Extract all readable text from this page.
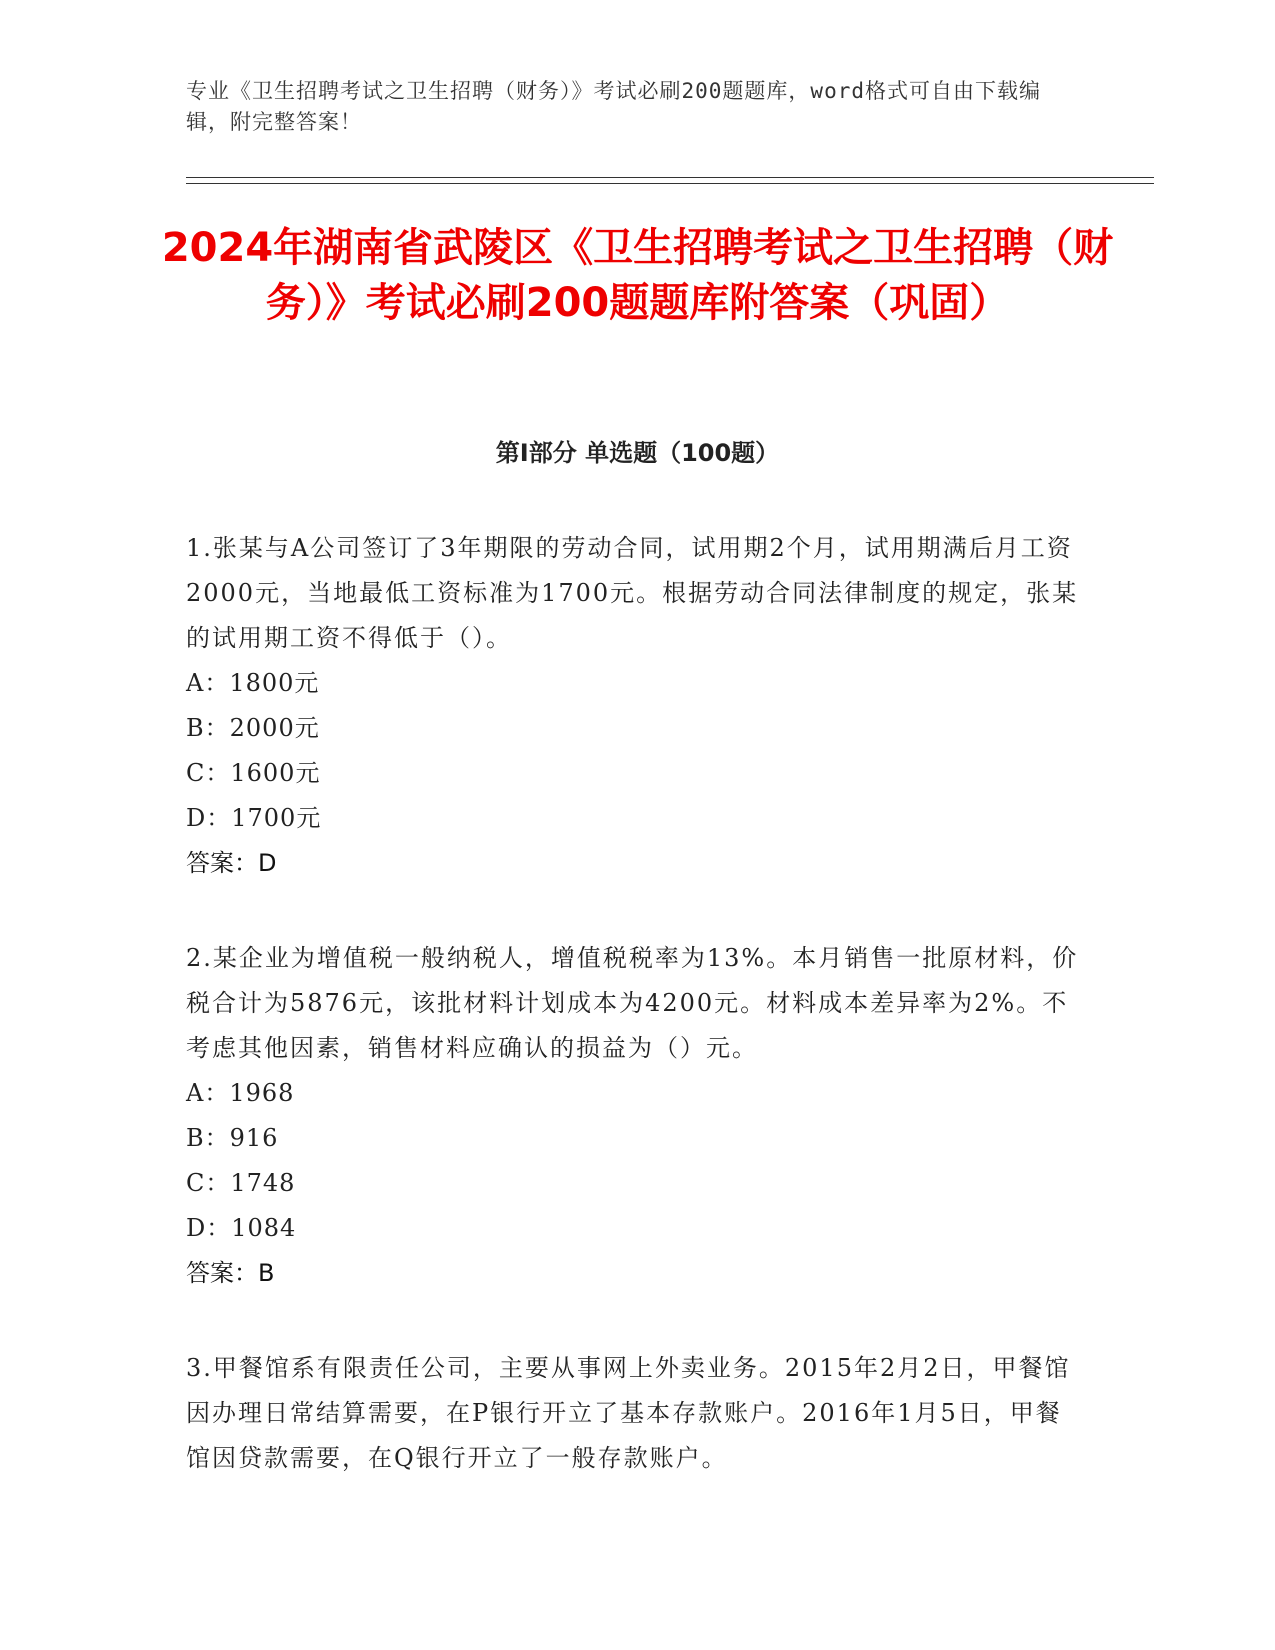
专业《卫生招聘考试之卫生招聘（财务）》考试必刷200题题库，word格式可自由下载编辑，附完整答案！
2024年湖南省武陵区《卫生招聘考试之卫生招聘（财务）》考试必刷200题题库附答案（巩固）
第I部分 单选题（100题）

1.张某与A公司签订了3年期限的劳动合同，试用期2个月，试用期满后月工资2000元，当地最低工资标准为1700元。根据劳动合同法律制度的规定，张某的试用期工资不得低于（）。

A：1800元

B：2000元

C：1600元

D：1700元

答案：D

2.某企业为增值税一般纳税人，增值税税率为13%。本月销售一批原材料，价税合计为5876元，该批材料计划成本为4200元。材料成本差异率为2%。不考虑其他因素，销售材料应确认的损益为（）元。

A：1968

B：916

C：1748

D：1084

答案：B

3.甲餐馆系有限责任公司，主要从事网上外卖业务。2015年2月2日，甲餐馆因办理日常结算需要，在P银行开立了基本存款账户。2016年1月5日，甲餐馆因贷款需要，在Q银行开立了一般存款账户。
